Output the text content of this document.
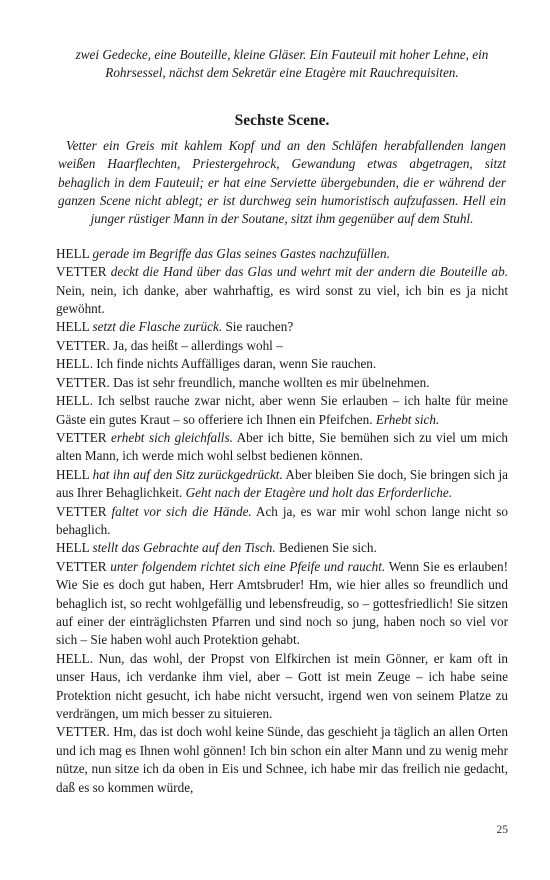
zwei Gedecke, eine Bouteille, kleine Gläser. Ein Fauteuil mit hoher Lehne, ein Rohrsessel, nächst dem Sekretär eine Etagère mit Rauchrequisiten.

Sechste Scene.

Vetter ein Greis mit kahlem Kopf und an den Schläfen herabfallenden langen weißen Haarflechten, Priestergehrock, Gewandung etwas abgetragen, sitzt behaglich in dem Fauteuil; er hat eine Serviette übergebunden, die er während der ganzen Scene nicht ablegt; er ist durchweg sein humoristisch aufzufassen. Hell ein junger rüstiger Mann in der Soutane, sitzt ihm gegenüber auf dem Stuhl.

HELL gerade im Begriffe das Glas seines Gastes nachzufüllen.

VETTER deckt die Hand über das Glas und wehrt mit der andern die Bouteille ab. Nein, nein, ich danke, aber wahrhaftig, es wird sonst zu viel, ich bin es ja nicht gewöhnt.

HELL setzt die Flasche zurück. Sie rauchen?

VETTER. Ja, das heißt – allerdings wohl –

HELL. Ich finde nichts Auffälliges daran, wenn Sie rauchen.

VETTER. Das ist sehr freundlich, manche wollten es mir übelnehmen.

HELL. Ich selbst rauche zwar nicht, aber wenn Sie erlauben – ich halte für meine Gäste ein gutes Kraut – so offeriere ich Ihnen ein Pfeifchen. Erhebt sich.

VETTER erhebt sich gleichfalls. Aber ich bitte, Sie bemühen sich zu viel um mich alten Mann, ich werde mich wohl selbst bedienen können.

HELL hat ihn auf den Sitz zurückgedrückt. Aber bleiben Sie doch, Sie bringen sich ja aus Ihrer Behaglichkeit. Geht nach der Etagère und holt das Erforderliche.

VETTER faltet vor sich die Hände. Ach ja, es war mir wohl schon lange nicht so behaglich.

HELL stellt das Gebrachte auf den Tisch. Bedienen Sie sich.

VETTER unter folgendem richtet sich eine Pfeife und raucht. Wenn Sie es erlauben! Wie Sie es doch gut haben, Herr Amtsbruder! Hm, wie hier alles so freundlich und behaglich ist, so recht wohlgefällig und lebensfreudig, so – gottesfriedlich! Sie sitzen auf einer der einträglichsten Pfarren und sind noch so jung, haben noch so viel vor sich – Sie haben wohl auch Protektion gehabt.

HELL. Nun, das wohl, der Propst von Elfkirchen ist mein Gönner, er kam oft in unser Haus, ich verdanke ihm viel, aber – Gott ist mein Zeuge – ich habe seine Protektion nicht gesucht, ich habe nicht versucht, irgend wen von seinem Platze zu verdrängen, um mich besser zu situieren.

VETTER. Hm, das ist doch wohl keine Sünde, das geschieht ja täglich an allen Orten und ich mag es Ihnen wohl gönnen! Ich bin schon ein alter Mann und zu wenig mehr nütze, nun sitze ich da oben in Eis und Schnee, ich habe mir das freilich nie gedacht, daß es so kommen würde,

25
